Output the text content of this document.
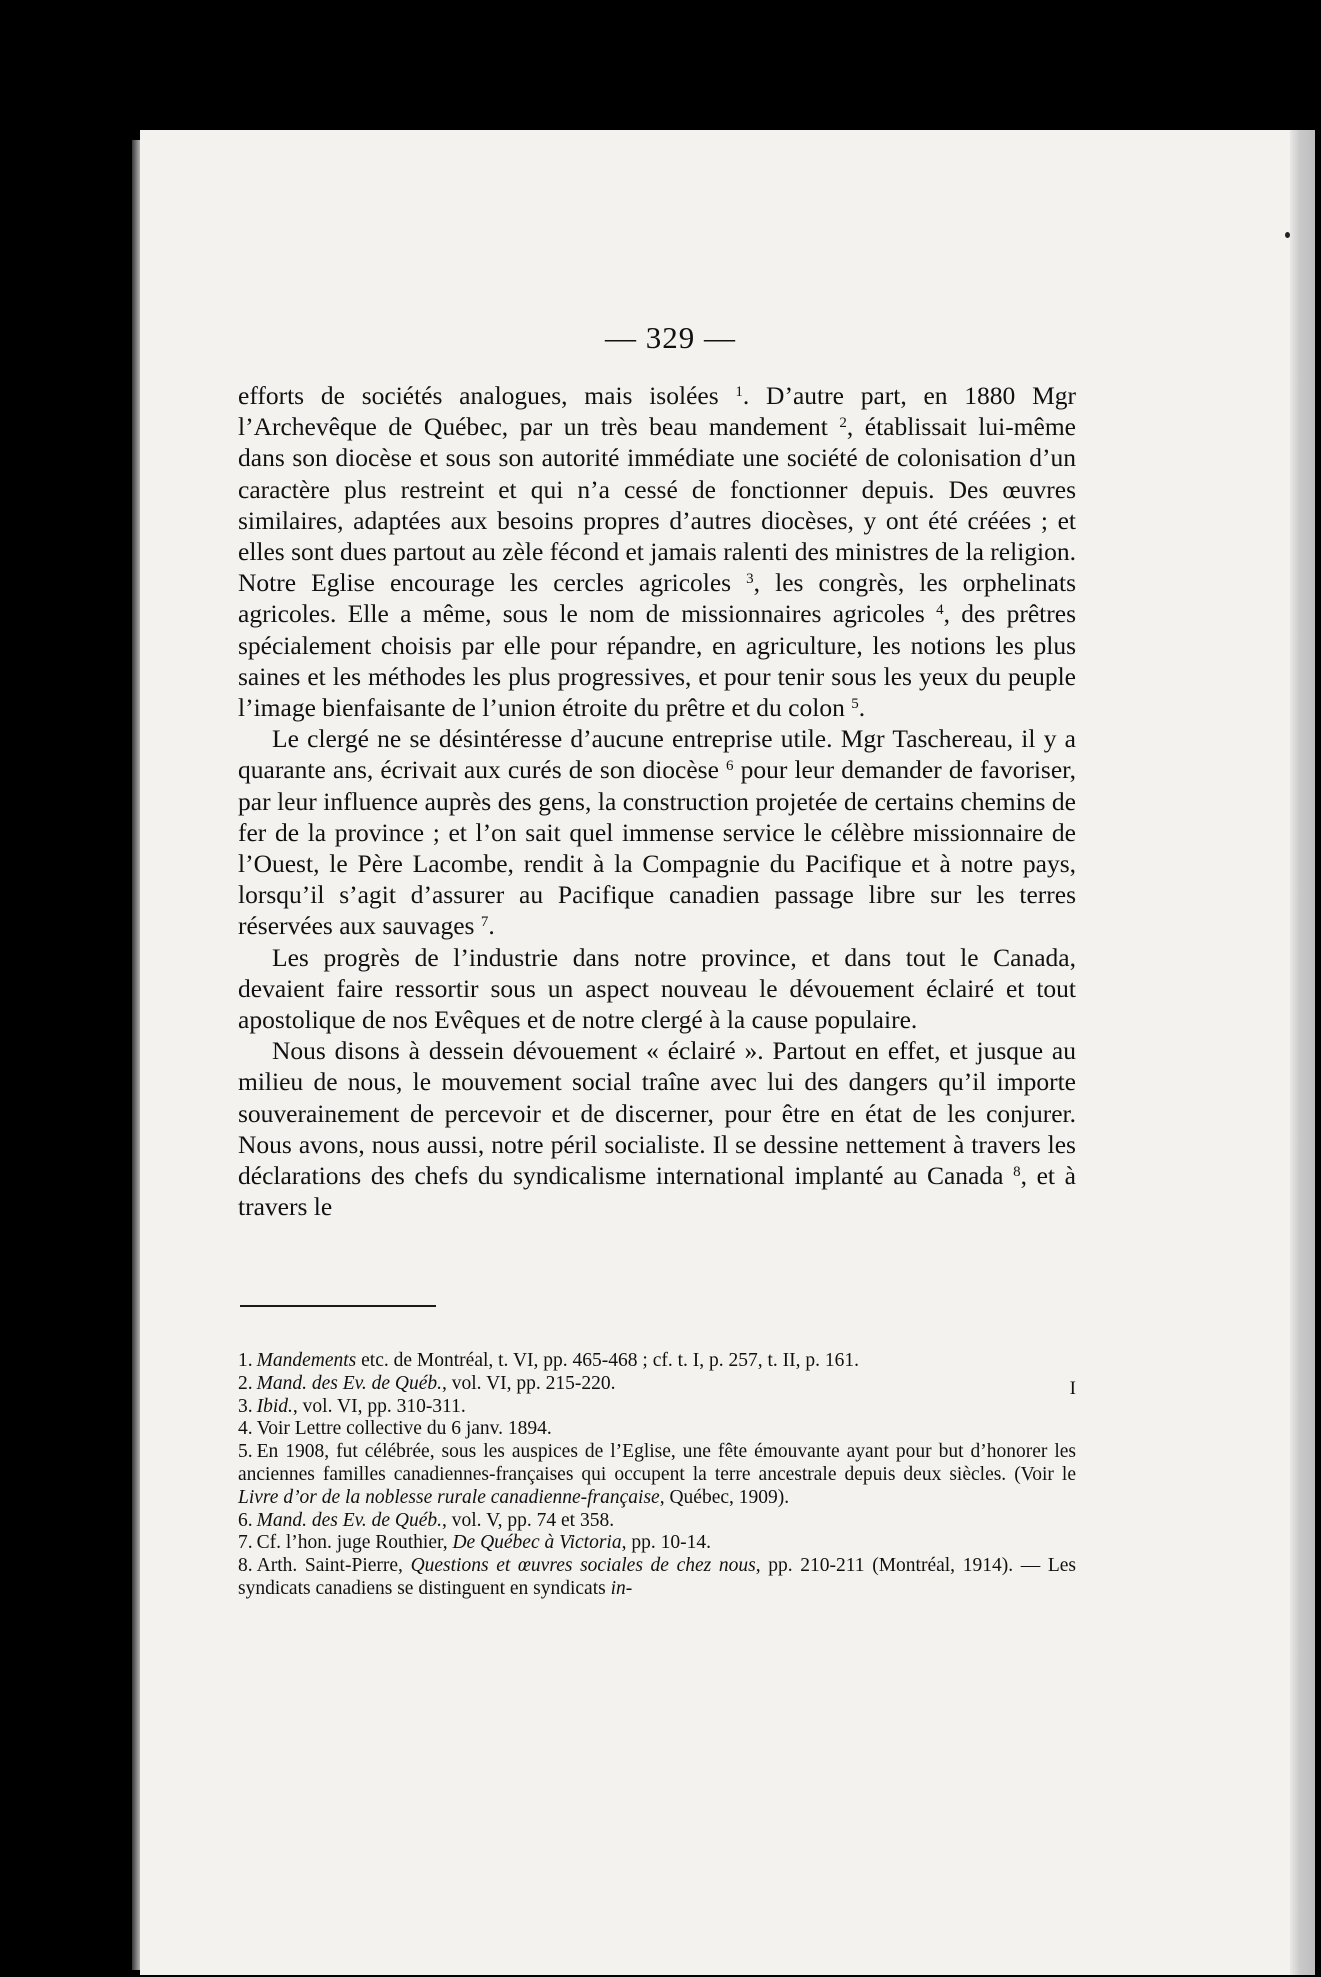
— 329 —

efforts de sociétés analogues, mais isolées $^1$. D’autre part, en 1880 Mgr l’Archevêque de Québec, par un très beau mandement $^2$, établissait lui-même dans son diocèse et sous son autorité immédiate une société de colonisation d’un caractère plus restreint et qui n’a cessé de fonctionner depuis. Des œuvres similaires, adaptées aux besoins propres d’autres diocèses, y ont été créées ; et elles sont dues partout au zèle fécond et jamais ralenti des ministres de la religion. Notre Eglise encourage les cercles agricoles $^3$, les congrès, les orphelinats agricoles. Elle a même, sous le nom de missionnaires agricoles $^4$, des prêtres spécialement choisis par elle pour répandre, en agriculture, les notions les plus saines et les méthodes les plus progressives, et pour tenir sous les yeux du peuple l’image bienfaisante de l’union étroite du prêtre et du colon $^5$.

Le clergé ne se désintéresse d’aucune entreprise utile. Mgr Taschereau, il y a quarante ans, écrivait aux curés de son diocèse $^6$ pour leur demander de favoriser, par leur influence auprès des gens, la construction projetée de certains chemins de fer de la province ; et l’on sait quel immense service le célèbre missionnaire de l’Ouest, le Père Lacombe, rendit à la Compagnie du Pacifique et à notre pays, lorsqu’il s’agit d’assurer au Pacifique canadien passage libre sur les terres réservées aux sauvages $^7$.

Les progrès de l’industrie dans notre province, et dans tout le Canada, devaient faire ressortir sous un aspect nouveau le dévouement éclairé et tout apostolique de nos Evêques et de notre clergé à la cause populaire.

Nous disons à dessein dévouement « éclairé ». Partout en effet, et jusque au milieu de nous, le mouvement social traîne avec lui des dangers qu’il importe souverainement de percevoir et de discerner, pour être en état de les conjurer. Nous avons, nous aussi, notre péril socialiste. Il se dessine nettement à travers les déclarations des chefs du syndicalisme international implanté au Canada $^8$, et à travers le

1. Mandements etc. de Montréal, t. VI, pp. 465-468 ; cf. t. I, p. 257, t. II, p. 161.

I

2. Mand. des Ev. de Québ., vol. VI, pp. 215-220.

3. Ibid., vol. VI, pp. 310-311.

4. Voir Lettre collective du 6 janv. 1894.

5. En 1908, fut célébrée, sous les auspices de l’Eglise, une fête émouvante ayant pour but d’honorer les anciennes familles canadiennes-françaises qui occupent la terre ancestrale depuis deux siècles. (Voir le Livre d’or de la noblesse rurale canadienne-française, Québec, 1909).

6. Mand. des Ev. de Québ., vol. V, pp. 74 et 358.

7. Cf. l’hon. juge Routhier, De Québec à Victoria, pp. 10-14.

8. Arth. Saint-Pierre, Questions et œuvres sociales de chez nous, pp. 210-211 (Montréal, 1914). — Les syndicats canadiens se distinguent en syndicats in-
